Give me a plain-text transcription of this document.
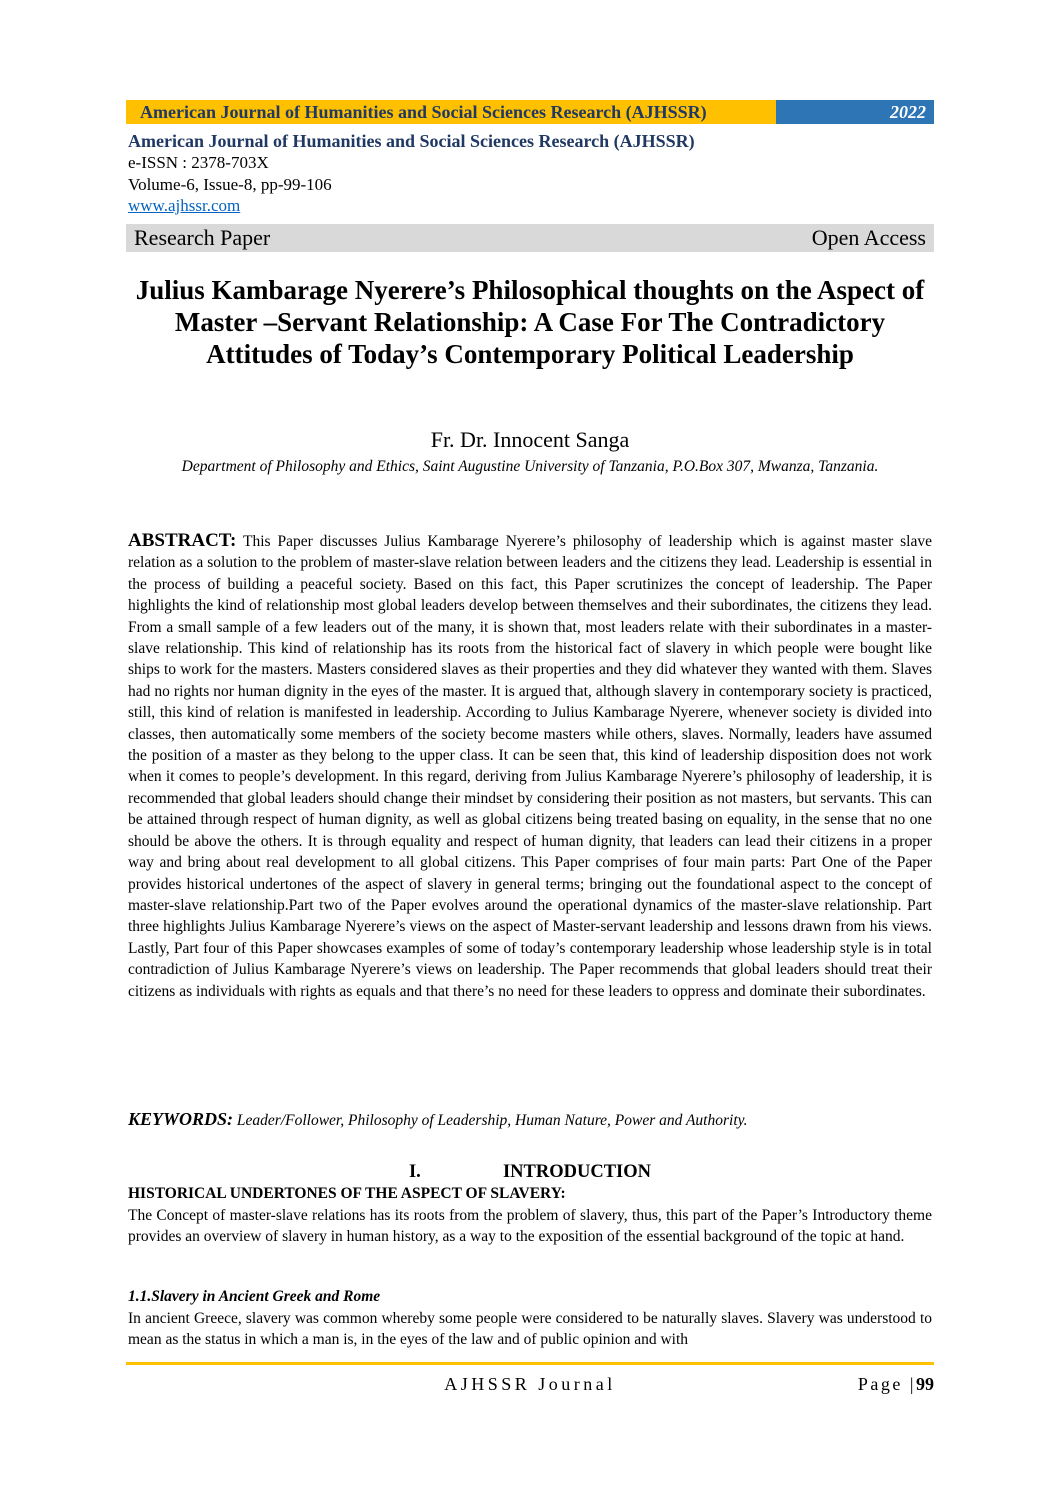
American Journal of Humanities and Social Sciences Research (AJHSSR)	2022
American Journal of Humanities and Social Sciences Research (AJHSSR)
e-ISSN : 2378-703X
Volume-6, Issue-8, pp-99-106
www.ajhssr.com
Research Paper	Open Access
Julius Kambarage Nyerere’s Philosophical thoughts on the Aspect of Master –Servant Relationship: A Case For The Contradictory Attitudes of Today’s Contemporary Political Leadership
Fr. Dr. Innocent Sanga
Department of Philosophy and Ethics, Saint Augustine University of Tanzania, P.O.Box 307, Mwanza, Tanzania.
ABSTRACT: This Paper discusses Julius Kambarage Nyerere’s philosophy of leadership which is against master slave relation as a solution to the problem of master-slave relation between leaders and the citizens they lead. Leadership is essential in the process of building a peaceful society. Based on this fact, this Paper scrutinizes the concept of leadership. The Paper highlights the kind of relationship most global leaders develop between themselves and their subordinates, the citizens they lead. From a small sample of a few leaders out of the many, it is shown that, most leaders relate with their subordinates in a master-slave relationship. This kind of relationship has its roots from the historical fact of slavery in which people were bought like ships to work for the masters. Masters considered slaves as their properties and they did whatever they wanted with them. Slaves had no rights nor human dignity in the eyes of the master. It is argued that, although slavery in contemporary society is practiced, still, this kind of relation is manifested in leadership. According to Julius Kambarage Nyerere, whenever society is divided into classes, then automatically some members of the society become masters while others, slaves. Normally, leaders have assumed the position of a master as they belong to the upper class. It can be seen that, this kind of leadership disposition does not work when it comes to people’s development. In this regard, deriving from Julius Kambarage Nyerere’s philosophy of leadership, it is recommended that global leaders should change their mindset by considering their position as not masters, but servants. This can be attained through respect of human dignity, as well as global citizens being treated basing on equality, in the sense that no one should be above the others. It is through equality and respect of human dignity, that leaders can lead their citizens in a proper way and bring about real development to all global citizens. This Paper comprises of four main parts: Part One of the Paper provides historical undertones of the aspect of slavery in general terms; bringing out the foundational aspect to the concept of master-slave relationship.Part two of the Paper evolves around the operational dynamics of the master-slave relationship. Part three highlights Julius Kambarage Nyerere’s views on the aspect of Master-servant leadership and lessons drawn from his views. Lastly, Part four of this Paper showcases examples of some of today’s contemporary leadership whose leadership style is in total contradiction of Julius Kambarage Nyerere’s views on leadership. The Paper recommends that global leaders should treat their citizens as individuals with rights as equals and that there’s no need for these leaders to oppress and dominate their subordinates.
KEYWORDS: Leader/Follower, Philosophy of Leadership, Human Nature, Power and Authority.
I.	INTRODUCTION
HISTORICAL UNDERTONES OF THE ASPECT OF SLAVERY:
The Concept of master-slave relations has its roots from the problem of slavery, thus, this part of the Paper’s Introductory theme provides an overview of slavery in human history, as a way to the exposition of the essential background of the topic at hand.
1.1.Slavery in Ancient Greek and Rome
In ancient Greece, slavery was common whereby some people were considered to be naturally slaves. Slavery was understood to mean as the status in which a man is, in the eyes of the law and of public opinion and with
AJHSSR Journal	Page |99
